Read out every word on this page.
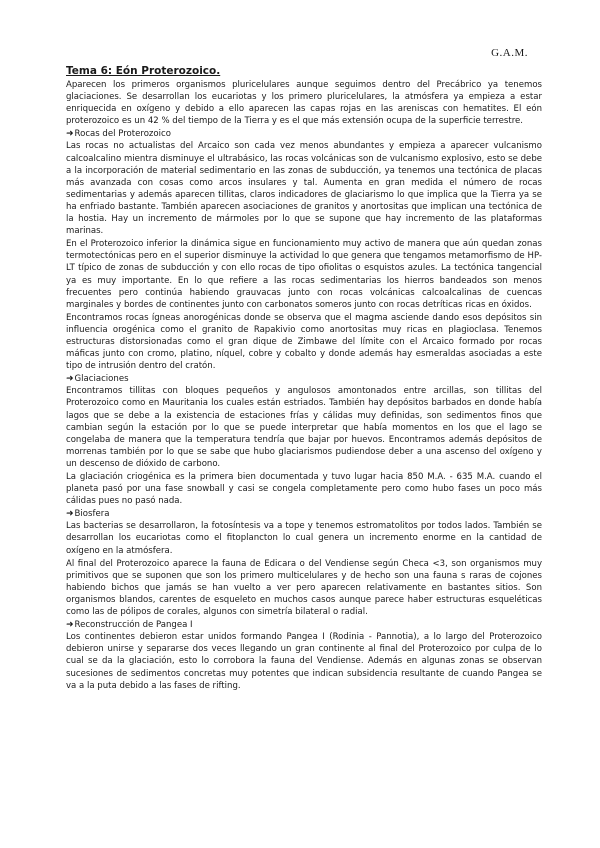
G.A.M.
Tema 6: Eón Proterozoico.

Aparecen los primeros organismos pluricelulares aunque seguimos dentro del Precábrico ya tenemos glaciaciones. Se desarrollan los eucariotas y los primero pluricelulares, la atmósfera ya empieza a estar enriquecida en oxígeno y debido a ello aparecen las capas rojas en las areniscas con hematites. El eón proterozoico es un 42 % del tiempo de la Tierra y es el que más extensión ocupa de la superficie terrestre.

➜Rocas del Proterozoico

Las rocas no actualistas del Arcaico son cada vez menos abundantes y empieza a aparecer vulcanismo calcoalcalino mientra disminuye el ultrabásico, las rocas volcánicas son de vulcanismo explosivo, esto se debe a la incorporación de material sedimentario en las zonas de subducción, ya tenemos una tectónica de placas más avanzada con cosas como arcos insulares y tal. Aumenta en gran medida el número de rocas sedimentarias y además aparecen tillitas, claros indicadores de glaciarismo lo que implica que la Tierra ya se ha enfriado bastante. También aparecen asociaciones de granitos y anortositas que implican una tectónica de la hostia. Hay un incremento de mármoles por lo que se supone que hay incremento de las plataformas marinas.

En el Proterozoico inferior la dinámica sigue en funcionamiento muy activo de manera que aún quedan zonas termotectónicas pero en el superior disminuye la actividad lo que genera que tengamos metamorfismo de HP-LT típico de zonas de subducción y con ello rocas de tipo ofiolitas o esquistos azules. La tectónica tangencial ya es muy importante. En lo que refiere a las rocas sedimentarias los hierros bandeados son menos frecuentes pero continúa habiendo grauvacas junto con rocas volcánicas calcoalcalinas de cuencas marginales y bordes de continentes junto con carbonatos someros junto con rocas detríticas ricas en óxidos.

Encontramos rocas ígneas anorogénicas donde se observa que el magma asciende dando esos depósitos sin influencia orogénica como el granito de Rapakivio como anortositas muy ricas en plagioclasa. Tenemos estructuras distorsionadas como el gran dique de Zimbawe del límite con el Arcaico formado por rocas máficas junto con cromo, platino, níquel, cobre y cobalto y donde además hay esmeraldas asociadas a este tipo de intrusión dentro del cratón.

➜Glaciaciones

Encontramos tillitas con bloques pequeños y angulosos amontonados entre arcillas, son tillitas del Proterozoico como en Mauritania los cuales están estriados. También hay depósitos barbados en donde había lagos que se debe a la existencia de estaciones frías y cálidas muy definidas, son sedimentos finos que cambian según la estación por lo que se puede interpretar que había momentos en los que el lago se congelaba de manera que la temperatura tendría que bajar por huevos. Encontramos además depósitos de morrenas también por lo que se sabe que hubo glaciarismos pudiendose deber a una ascenso del oxígeno y un descenso de dióxido de carbono.

La glaciación criogénica es la primera bien documentada y tuvo lugar hacia 850 M.A. - 635 M.A. cuando el planeta pasó por una fase snowball y casi se congela completamente pero como hubo fases un poco más cálidas pues no pasó nada.

➜Biosfera

Las bacterias se desarrollaron, la fotosíntesis va a tope y tenemos estromatolitos por todos lados. También se desarrollan los eucariotas como el fitoplancton lo cual genera un incremento enorme en la cantidad de oxígeno en la atmósfera.

Al final del Proterozoico aparece la fauna de Edicara o del Vendiense según Checa <3, son organismos muy primitivos que se suponen que son los primero multicelulares y de hecho son una fauna s raras de cojones habiendo bichos que jamás se han vuelto a ver pero aparecen relativamente en bastantes sitios. Son organismos blandos, carentes de esqueleto en muchos casos aunque parece haber estructuras esqueléticas como las de pólipos de corales, algunos con simetría bilateral o radial.

➜Reconstrucción de Pangea I

Los continentes debieron estar unidos formando Pangea I (Rodinia - Pannotia), a lo largo del Proterozoico debieron unirse y separarse dos veces llegando un gran continente al final del Proterozoico por culpa de lo cual se da la glaciación, esto lo corrobora la fauna del Vendiense. Además en algunas zonas se observan sucesiones de sedimentos concretas muy potentes que indican subsidencia resultante de cuando Pangea se va a la puta debido a las fases de rifting.
